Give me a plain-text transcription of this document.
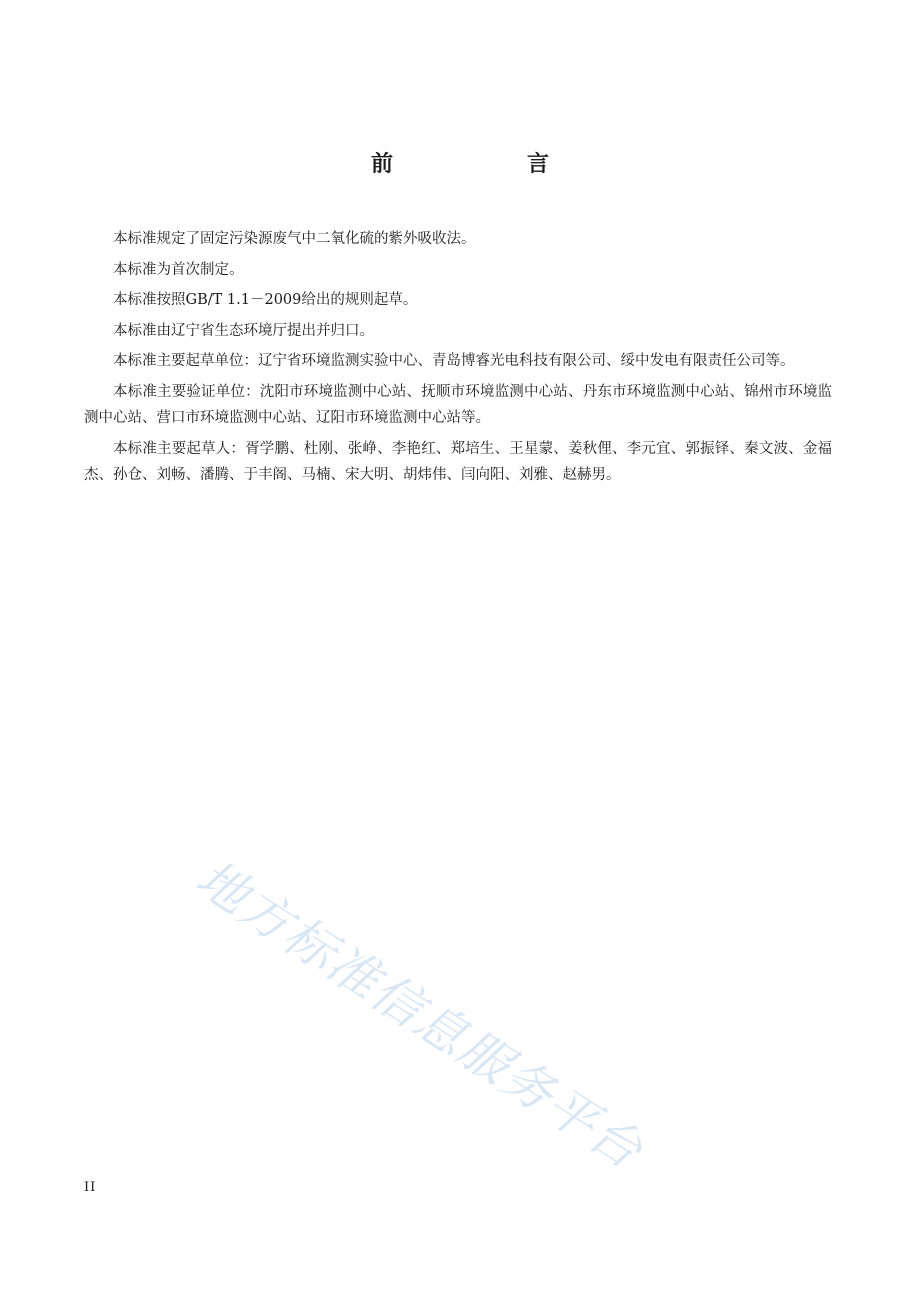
前　言

本标准规定了固定污染源废气中二氧化硫的紫外吸收法。

本标准为首次制定。

本标准按照GB/T 1.1－2009给出的规则起草。

本标准由辽宁省生态环境厅提出并归口。

本标准主要起草单位：辽宁省环境监测实验中心、青岛博睿光电科技有限公司、绥中发电有限责任公司等。

本标准主要验证单位：沈阳市环境监测中心站、抚顺市环境监测中心站、丹东市环境监测中心站、锦州市环境监测中心站、营口市环境监测中心站、辽阳市环境监测中心站等。

本标准主要起草人：胥学鹏、杜刚、张峥、李艳红、郑培生、王星蒙、姜秋俚、李元宜、郭振铎、秦文波、金福杰、孙仓、刘畅、潘腾、于丰阁、马楠、宋大明、胡炜伟、闫向阳、刘雅、赵赫男。

地方标准信息服务平台
II
